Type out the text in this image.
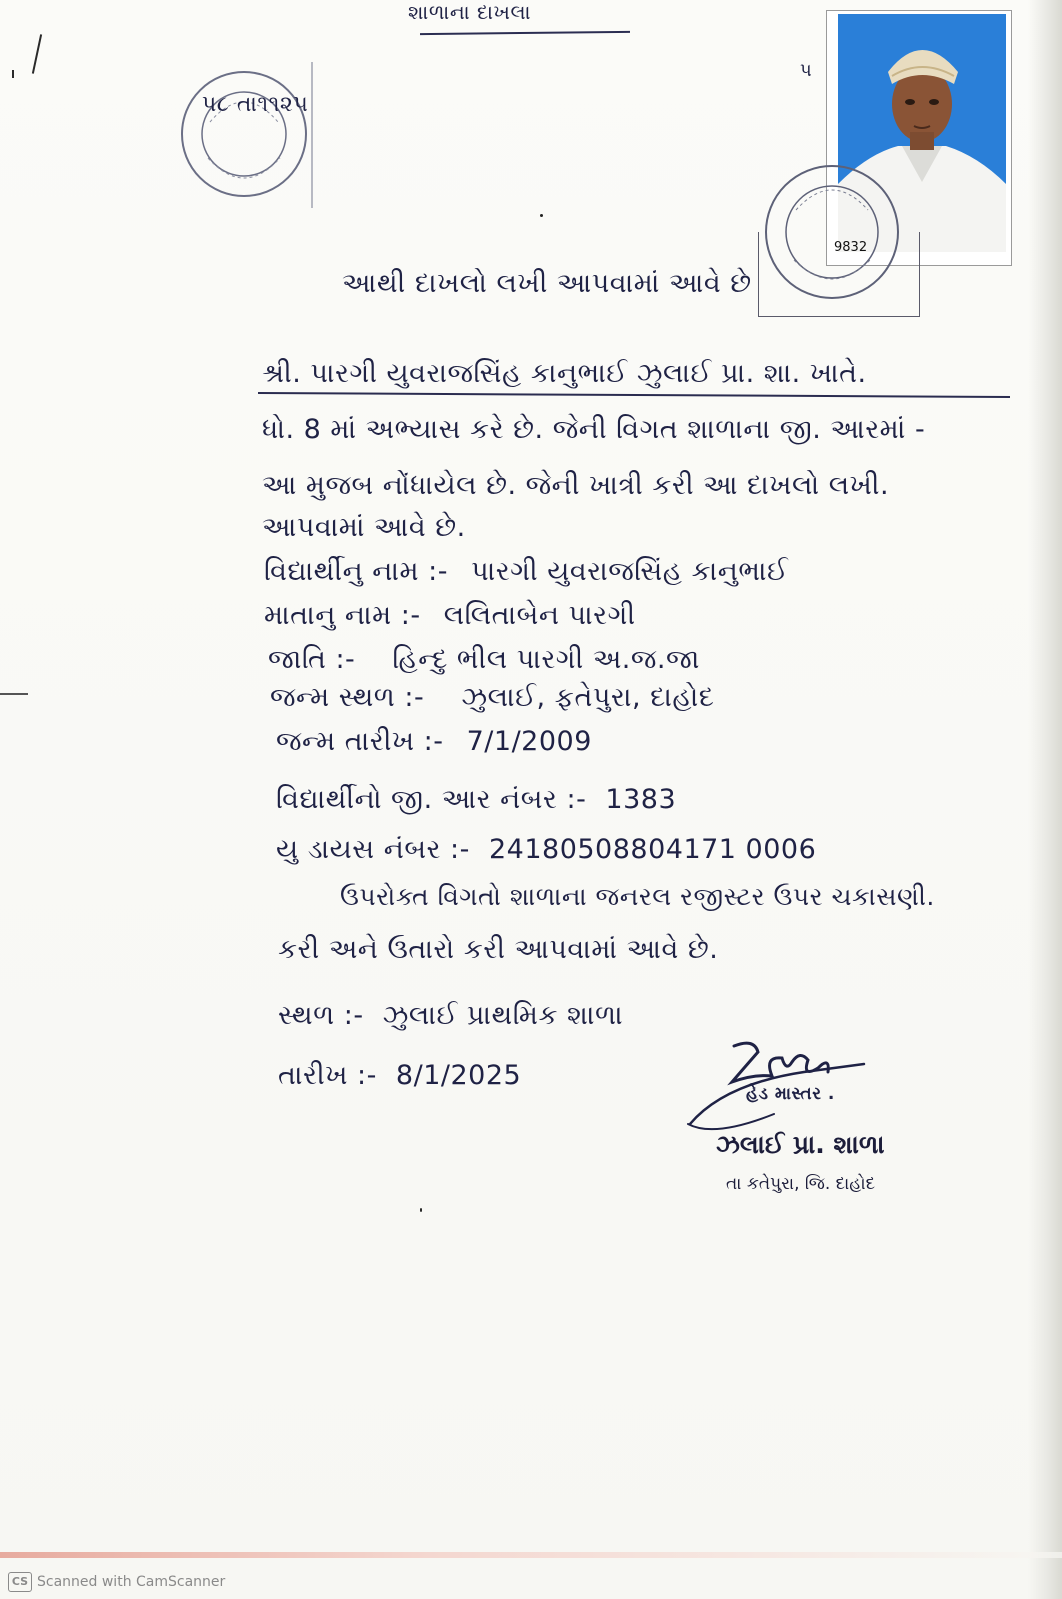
શાળાના દાખલા
પ
પ૮ તા૧૧૨૫
9832
આથી દાખલો લખી આપવામાં આવે છે
શ્રી. પારગી યુવરાજસિંહ કાનુભાઈ ઝુલાઈ પ્રા. શા. ખાતે.
ધો. 8 માં અભ્યાસ કરે છે. જેની વિગત શાળાના જી. આરમાં -
આ મુજબ નોંધાયેલ છે. જેની ખાત્રી કરી આ દાખલો લખી.
આપવામાં આવે છે.
વિદ્યાર્થીનુ નામ :- પારગી યુવરાજસિંહ કાનુભાઈ
માતાનુ નામ :- લલિતાબેન પારગી
જાતિ :- હિન્દુ ભીલ પારગી અ.જ.જા
જન્મ સ્થળ :- ઝુલાઈ, ફતેપુરા, દાહોદ
જન્મ તારીખ :- 7/1/2009
વિદ્યાર્થીનો જી. આર નંબર :- 1383
યુ ડાયસ નંબર :- 24180508804171 0006
ઉપરોક્ત વિગતો શાળાના જનરલ રજીસ્ટર ઉપર ચકાસણી.
કરી અને ઉતારો કરી આપવામાં આવે છે.
સ્થળ :- ઝુલાઈ પ્રાથમિક શાળા
તારીખ :- 8/1/2025
હેડ માસ્તર .
ઝલાઈ પ્રા. શાળા
તા કતેપુરા, જિ. દાહોદ
CS Scanned with CamScanner
